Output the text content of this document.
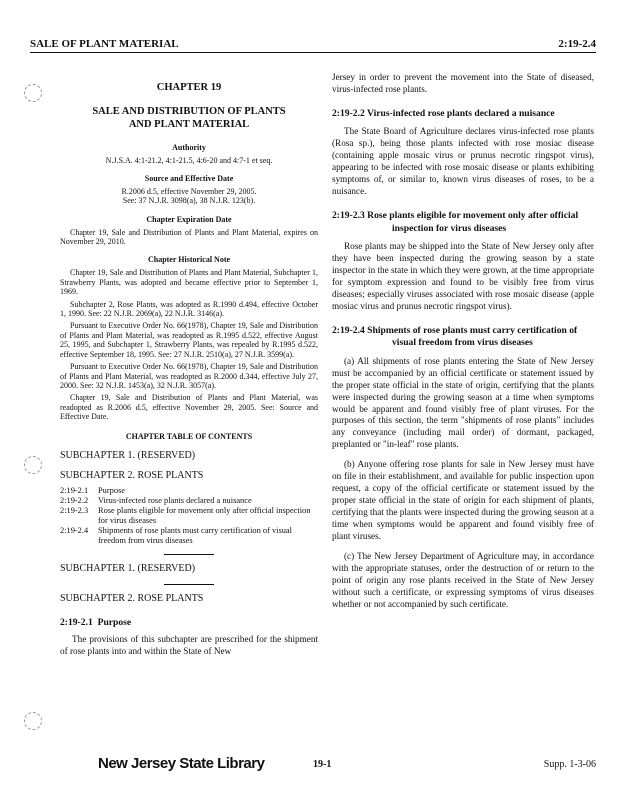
SALE OF PLANT MATERIAL	2:19-2.4
CHAPTER 19
SALE AND DISTRIBUTION OF PLANTS
AND PLANT MATERIAL
Authority
N.J.S.A. 4:1-21.2, 4:1-21.5, 4:6-20 and 4:7-1 et seq.
Source and Effective Date
R.2006 d.5, effective November 29, 2005.
See: 37 N.J.R. 3098(a), 38 N.J.R. 123(b).
Chapter Expiration Date
Chapter 19, Sale and Distribution of Plants and Plant Material, expires on November 29, 2010.
Chapter Historical Note
Chapter 19, Sale and Distribution of Plants and Plant Material, Subchapter 1, Strawberry Plants, was adopted and became effective prior to September 1, 1969.
Subchapter 2, Rose Plants, was adopted as R.1990 d.494, effective October 1, 1990. See: 22 N.J.R. 2069(a), 22 N.J.R. 3146(a).
Pursuant to Executive Order No. 66(1978), Chapter 19, Sale and Distribution of Plants and Plant Material, was readopted as R.1995 d.522, effective August 25, 1995, and Subchapter 1, Strawberry Plants, was repealed by R.1995 d.522, effective September 18, 1995. See: 27 N.J.R. 2510(a), 27 N.J.R. 3599(a).
Pursuant to Executive Order No. 66(1978), Chapter 19, Sale and Distribution of Plants and Plant Material, was readopted as R.2000 d.344, effective July 27, 2000. See: 32 N.J.R. 1453(a), 32 N.J.R. 3057(a).
Chapter 19, Sale and Distribution of Plants and Plant Material, was readopted as R.2006 d.5, effective November 29, 2005. See: Source and Effective Date.
CHAPTER TABLE OF CONTENTS
SUBCHAPTER 1. (RESERVED)
SUBCHAPTER 2. ROSE PLANTS
2:19-2.1	Purpose
2:19-2.2	Virus-infected rose plants declared a nuisance
2:19-2.3	Rose plants eligible for movement only after official inspection for virus diseases
2:19-2.4	Shipments of rose plants must carry certification of visual freedom from virus diseases
SUBCHAPTER 1. (RESERVED)
SUBCHAPTER 2. ROSE PLANTS
2:19-2.1 Purpose
The provisions of this subchapter are prescribed for the shipment of rose plants into and within the State of New
Jersey in order to prevent the movement into the State of diseased, virus-infected rose plants.
2:19-2.2 Virus-infected rose plants declared a nuisance
The State Board of Agriculture declares virus-infected rose plants (Rosa sp.), being those plants infected with rose mosiac disease (containing apple mosaic virus or prunus necrotic ringspot virus), appearing to be infected with rose mosaic disease or plants exhibiting symptoms of, or similar to, known virus diseases of roses, to be a nuisance.
2:19-2.3 Rose plants eligible for movement only after official inspection for virus diseases
Rose plants may be shipped into the State of New Jersey only after they have been inspected during the growing season by a state inspector in the state in which they were grown, at the time appropriate for symptom expression and found to be visibly free from virus diseases; especially viruses associated with rose mosaic disease (apple mosiac virus and prunus necrotic ringspot virus).
2:19-2.4 Shipments of rose plants must carry certification of visual freedom from virus diseases
(a) All shipments of rose plants entering the State of New Jersey must be accompanied by an official certificate or statement issued by the proper state official in the state of origin, certifying that the plants were inspected during the growing season at a time when symptoms would be apparent and found visibly free of plant viruses. For the purposes of this section, the term "shipments of rose plants" includes any conveyance (including mail order) of dormant, packaged, preplanted or "in-leaf" rose plants.
(b) Anyone offering rose plants for sale in New Jersey must have on file in their establishment, and available for public inspection upon request, a copy of the official certificate or statement issued by the proper state official in the state of origin for each shipment of plants, certifying that the plants were inspected during the growing season at a time when symptoms would be apparent and found visibly free of plant viruses.
(c) The New Jersey Department of Agriculture may, in accordance with the appropriate statuses, order the destruction of or return to the point of origin any rose plants received in the State of New Jersey without such a certificate, or expressing symptoms of virus diseases whether or not accompanied by such certificate.
New Jersey State Library	19-1	Supp. 1-3-06
